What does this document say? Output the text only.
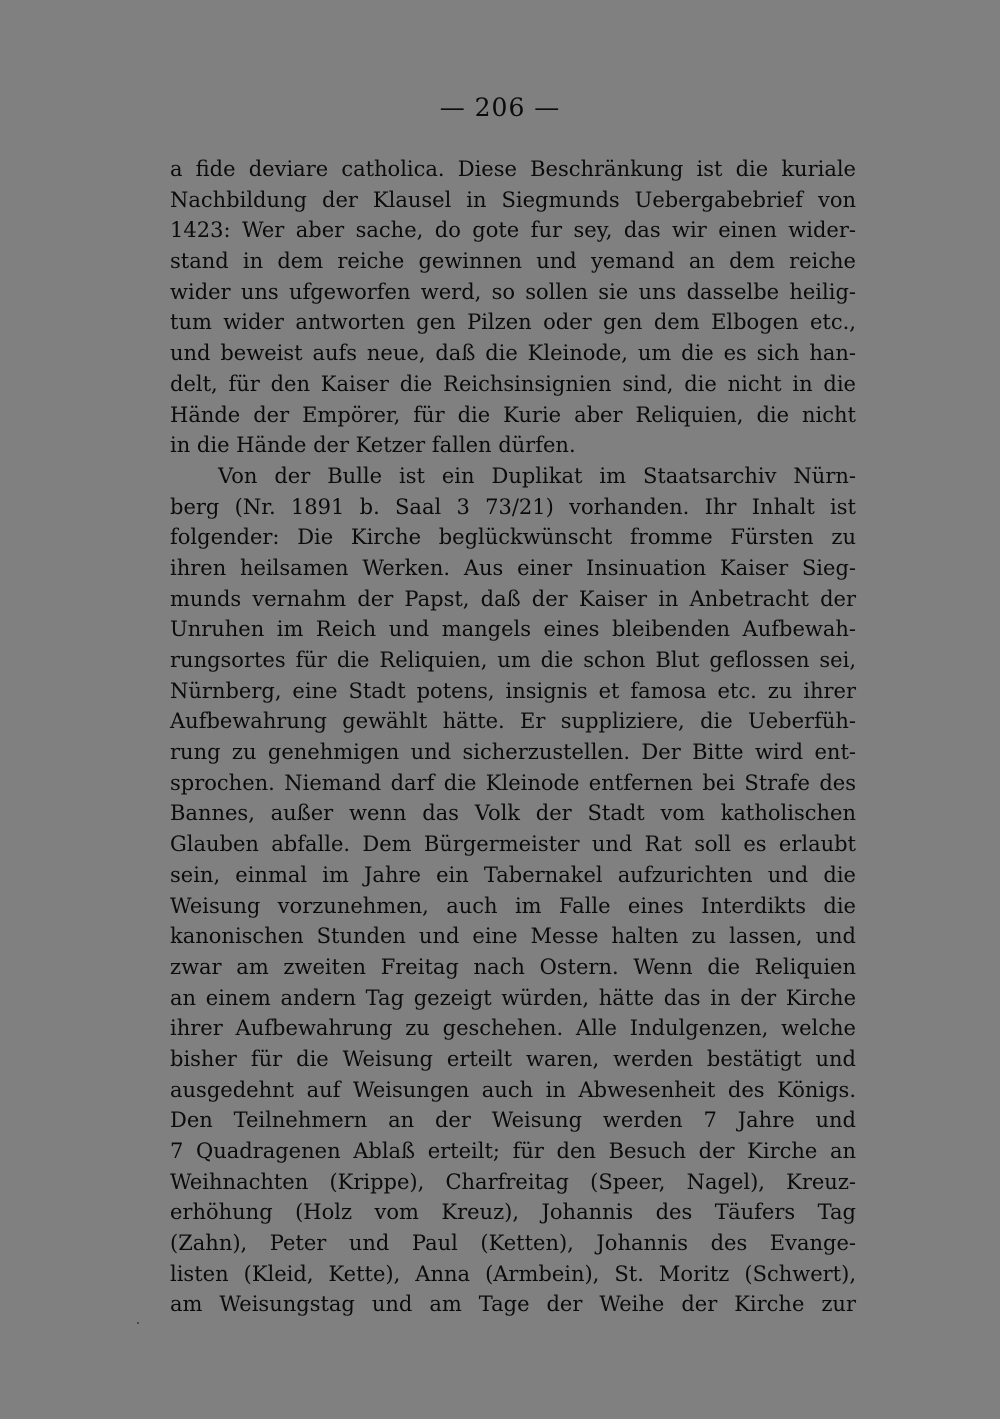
— 206 —
a fide deviare catholica. Diese Beschränkung ist die kuriale
Nachbildung der Klausel in Siegmunds Uebergabebrief von
1423: Wer aber sache, do gote fur sey, das wir einen wider-
stand in dem reiche gewinnen und yemand an dem reiche
wider uns ufgeworfen werd, so sollen sie uns dasselbe heilig-
tum wider antworten gen Pilzen oder gen dem Elbogen etc.,
und beweist aufs neue, daß die Kleinode, um die es sich han-
delt, für den Kaiser die Reichsinsignien sind, die nicht in die
Hände der Empörer, für die Kurie aber Reliquien, die nicht
in die Hände der Ketzer fallen dürfen.
Von der Bulle ist ein Duplikat im Staatsarchiv Nürn-
berg (Nr. 1891 b. Saal 3 73/21) vorhanden. Ihr Inhalt ist
folgender: Die Kirche beglückwünscht fromme Fürsten zu
ihren heilsamen Werken. Aus einer Insinuation Kaiser Sieg-
munds vernahm der Papst, daß der Kaiser in Anbetracht der
Unruhen im Reich und mangels eines bleibenden Aufbewah-
rungsortes für die Reliquien, um die schon Blut geflossen sei,
Nürnberg, eine Stadt potens, insignis et famosa etc. zu ihrer
Aufbewahrung gewählt hätte. Er suppliziere, die Ueberfüh-
rung zu genehmigen und sicherzustellen. Der Bitte wird ent-
sprochen. Niemand darf die Kleinode entfernen bei Strafe des
Bannes, außer wenn das Volk der Stadt vom katholischen
Glauben abfalle. Dem Bürgermeister und Rat soll es erlaubt
sein, einmal im Jahre ein Tabernakel aufzurichten und die
Weisung vorzunehmen, auch im Falle eines Interdikts die
kanonischen Stunden und eine Messe halten zu lassen, und
zwar am zweiten Freitag nach Ostern. Wenn die Reliquien
an einem andern Tag gezeigt würden, hätte das in der Kirche
ihrer Aufbewahrung zu geschehen. Alle Indulgenzen, welche
bisher für die Weisung erteilt waren, werden bestätigt und
ausgedehnt auf Weisungen auch in Abwesenheit des Königs.
Den Teilnehmern an der Weisung werden 7 Jahre und
7 Quadragenen Ablaß erteilt; für den Besuch der Kirche an
Weihnachten (Krippe), Charfreitag (Speer, Nagel), Kreuz-
erhöhung (Holz vom Kreuz), Johannis des Täufers Tag
(Zahn), Peter und Paul (Ketten), Johannis des Evange-
listen (Kleid, Kette), Anna (Armbein), St. Moritz (Schwert),
am Weisungstag und am Tage der Weihe der Kirche zur
